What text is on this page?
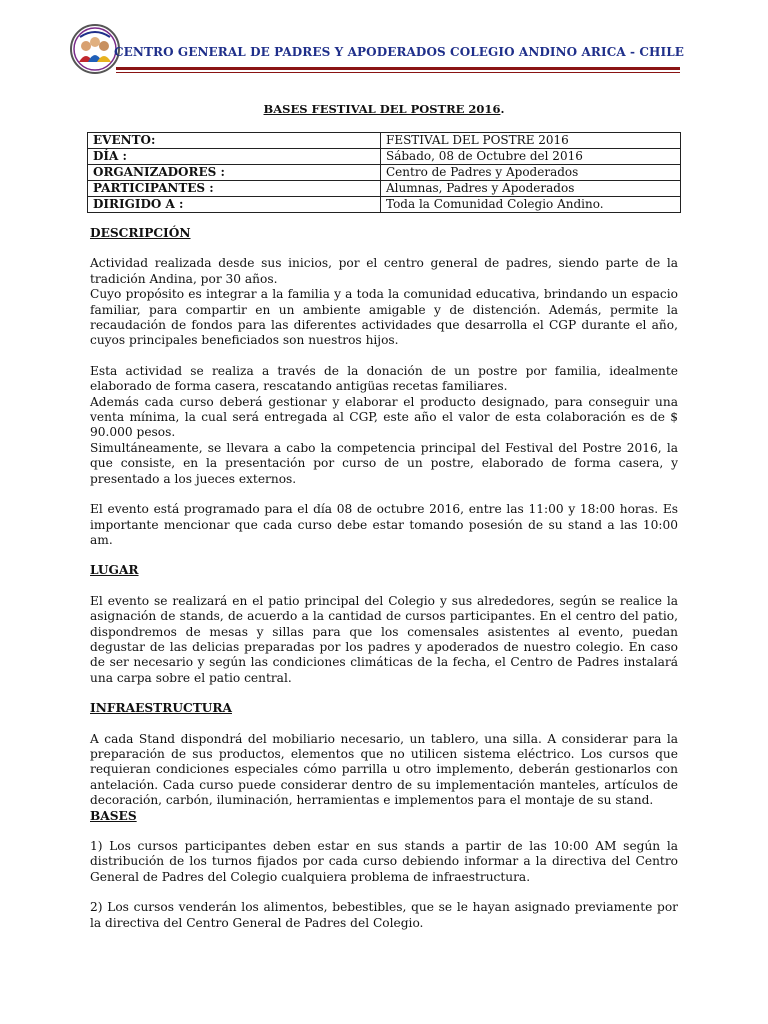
CENTRO GENERAL DE PADRES Y APODERADOS COLEGIO ANDINO ARICA - CHILE
BASES FESTIVAL DEL POSTRE 2016.
EVENTO:	FESTIVAL DEL POSTRE 2016
DÍA :	Sábado, 08 de Octubre del 2016
ORGANIZADORES :	Centro de Padres y Apoderados
PARTICIPANTES :	Alumnas, Padres y Apoderados
DIRIGIDO A :	Toda la Comunidad Colegio Andino.

DESCRIPCIÓN

Actividad realizada desde sus inicios, por el centro general de padres, siendo parte de la tradición Andina, por 30 años.

Cuyo propósito es integrar a la familia y a toda la comunidad educativa, brindando un espacio familiar, para compartir en un ambiente amigable y de distención. Además, permite la recaudación de fondos para las diferentes actividades que desarrolla el CGP durante el año, cuyos principales beneficiados son nuestros hijos.

Esta actividad se realiza a través de la donación de un postre por familia, idealmente elaborado de forma casera, rescatando antigüas recetas familiares.

Además cada curso deberá gestionar y elaborar el producto designado, para conseguir una venta mínima, la cual será entregada al CGP, este año el valor de esta colaboración es de $ 90.000 pesos.

Simultáneamente, se llevara a cabo la competencia principal del Festival del Postre 2016, la que consiste, en la presentación por curso de un postre, elaborado de forma casera, y presentado a los jueces externos.

El evento está programado para el día 08 de octubre 2016, entre las 11:00 y 18:00 horas. Es importante mencionar que cada curso debe estar tomando posesión de su stand a las 10:00 am.

LUGAR

El evento se realizará en el patio principal del Colegio y sus alrededores, según se realice la asignación de stands, de acuerdo a la cantidad de cursos participantes. En el centro del patio, dispondremos de mesas y sillas para que los comensales asistentes al evento, puedan degustar de las delicias preparadas por los padres y apoderados de nuestro colegio. En caso de ser necesario y según las condiciones climáticas de la fecha, el Centro de Padres instalará una carpa sobre el patio central.

INFRAESTRUCTURA

A cada Stand dispondrá del mobiliario necesario, un tablero, una silla. A considerar para la preparación de sus productos, elementos que no utilicen sistema eléctrico. Los cursos que requieran condiciones especiales cómo parrilla u otro implemento, deberán gestionarlos con antelación. Cada curso puede considerar dentro de su implementación manteles, artículos de decoración, carbón, iluminación, herramientas e implementos para el montaje de su stand.

BASES

1) Los cursos participantes deben estar en sus stands a partir de las 10:00 AM según la distribución de los turnos fijados por cada curso debiendo informar a la directiva del Centro General de Padres del Colegio cualquiera problema de infraestructura.

2) Los cursos venderán los alimentos, bebestibles, que se le hayan asignado previamente por la directiva del Centro General de Padres del Colegio.
